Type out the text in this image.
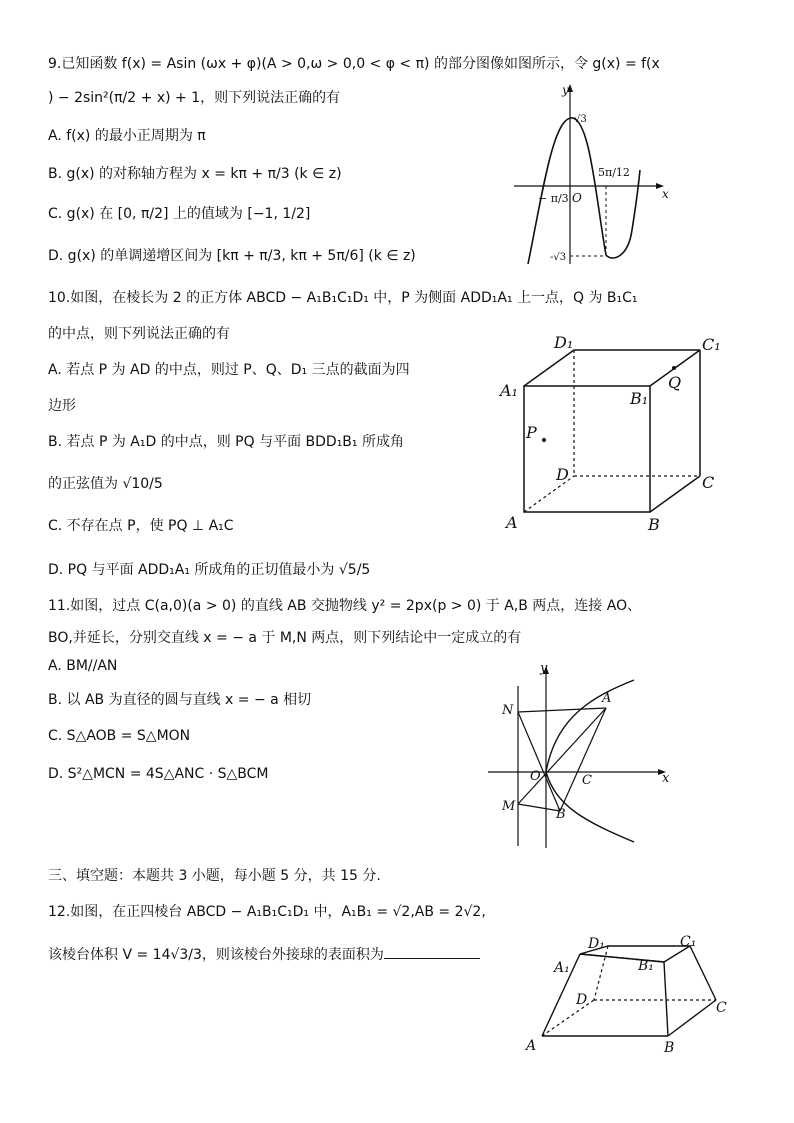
9.已知函数 f(x) = Asin (ωx + φ)(A > 0,ω > 0,0 < φ < π) 的部分图像如图所示，令 g(x) = f(x
) − 2sin²(π/2 + x) + 1，则下列说法正确的有
A. f(x) 的最小正周期为 π
B. g(x) 的对称轴方程为 x = kπ + π/3 (k ∈ z)
C. g(x) 在 [0, π/2] 上的值域为 [−1, 1/2]
D. g(x) 的单调递增区间为 [kπ + π/3, kπ + 5π/6] (k ∈ z)
y
x
O
√3
-√3
− π/3
5π/12
10.如图，在棱长为 2 的正方体 ABCD − A₁B₁C₁D₁ 中，P 为侧面 ADD₁A₁ 上一点，Q 为 B₁C₁
的中点，则下列说法正确的有
A. 若点 P 为 AD 的中点，则过 P、Q、D₁ 三点的截面为四
边形
B. 若点 P 为 A₁D 的中点，则 PQ 与平面 BDD₁B₁ 所成角
的正弦值为 √10/5
C. 不存在点 P，使 PQ ⊥ A₁C
D. PQ 与平面 ADD₁A₁ 所成角的正切值最小为 √5/5
D₁	C₁
A₁	B₁
P
Q
D	C
A	B
11.如图，过点 C(a,0)(a > 0) 的直线 AB 交抛物线 y² = 2px(p > 0) 于 A,B 两点，连接 AO、
BO,并延长，分别交直线 x = − a 于 M,N 两点，则下列结论中一定成立的有
A. BM//AN
B. 以 AB 为直径的圆与直线 x = − a 相切
C. S△AOB = S△MON
D. S²△MCN = 4S△ANC · S△BCM
y
x
O
A
B
C
M
N
三、填空题：本题共 3 小题，每小题 5 分，共 15 分.
12.如图，在正四棱台 ABCD − A₁B₁C₁D₁ 中，A₁B₁ = √2,AB = 2√2,
该棱台体积 V = 14√3/3，则该棱台外接球的表面积为
D₁	C₁
A₁	B₁
D	C
A	B
